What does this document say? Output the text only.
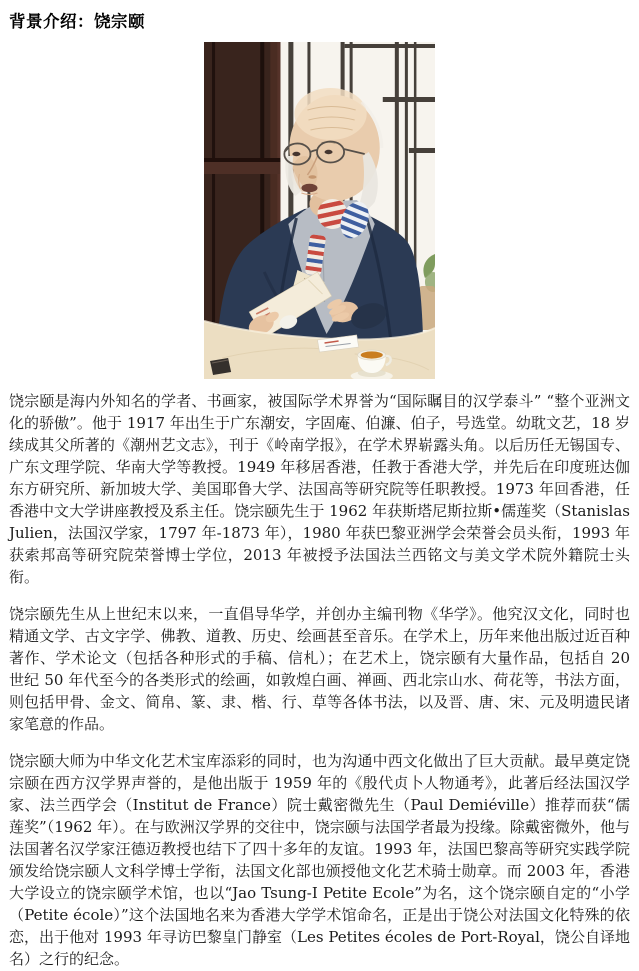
背景介绍：饶宗颐

饶宗颐是海内外知名的学者、书画家，被国际学术界誉为“国际瞩目的汉学泰斗” “整个亚洲文化的骄傲”。他于 1917 年出生于广东潮安，字固庵、伯濂、伯子，号选堂。幼耽文艺，18 岁续成其父所著的《潮州艺文志》，刊于《岭南学报》，在学术界崭露头角。以后历任无锡国专、广东文理学院、华南大学等教授。1949 年移居香港，任教于香港大学，并先后在印度班达伽东方研究所、新加坡大学、美国耶鲁大学、法国高等研究院等任职教授。1973 年回香港，任香港中文大学讲座教授及系主任。饶宗颐先生于 1962 年获斯塔尼斯拉斯•儒莲奖（Stanislas Julien，法国汉学家，1797 年-1873 年），1980 年获巴黎亚洲学会荣誉会员头衔，1993 年获索邦高等研究院荣誉博士学位，2013 年被授予法国法兰西铭文与美文学术院外籍院士头衔。

饶宗颐先生从上世纪末以来，一直倡导华学，并创办主编刊物《华学》。他究汉文化，同时也精通文学、古文字学、佛教、道教、历史、绘画甚至音乐。在学术上，历年来他出版过近百种著作、学术论文（包括各种形式的手稿、信札）；在艺术上，饶宗颐有大量作品，包括自 20 世纪 50 年代至今的各类形式的绘画，如敦煌白画、禅画、西北宗山水、荷花等，书法方面，则包括甲骨、金文、简帛、篆、隶、楷、行、草等各体书法，以及晋、唐、宋、元及明遗民诸家笔意的作品。

饶宗颐大师为中华文化艺术宝库添彩的同时，也为沟通中西文化做出了巨大贡献。最早奠定饶宗颐在西方汉学界声誉的，是他出版于 1959 年的《殷代贞卜人物通考》，此著后经法国汉学家、法兰西学会（Institut de France）院士戴密微先生（Paul Demiéville）推荐而获“儒莲奖”（1962 年）。在与欧洲汉学界的交往中，饶宗颐与法国学者最为投缘。除戴密微外，他与法国著名汉学家汪德迈教授也结下了四十多年的友谊。1993 年，法国巴黎高等研究实践学院颁发给饶宗颐人文科学博士学衔，法国文化部也颁授他文化艺术骑士勋章。而 2003 年，香港大学设立的饶宗颐学术馆，也以“Jao Tsung-I Petite Ecole”为名，这个饶宗颐自定的“小学（Petite école）”这个法国地名来为香港大学学术馆命名，正是出于饶公对法国文化特殊的依恋，出于他对 1993 年寻访巴黎皇门静室（Les Petites écoles de Port-Royal，饶公自译地名）之行的纪念。
